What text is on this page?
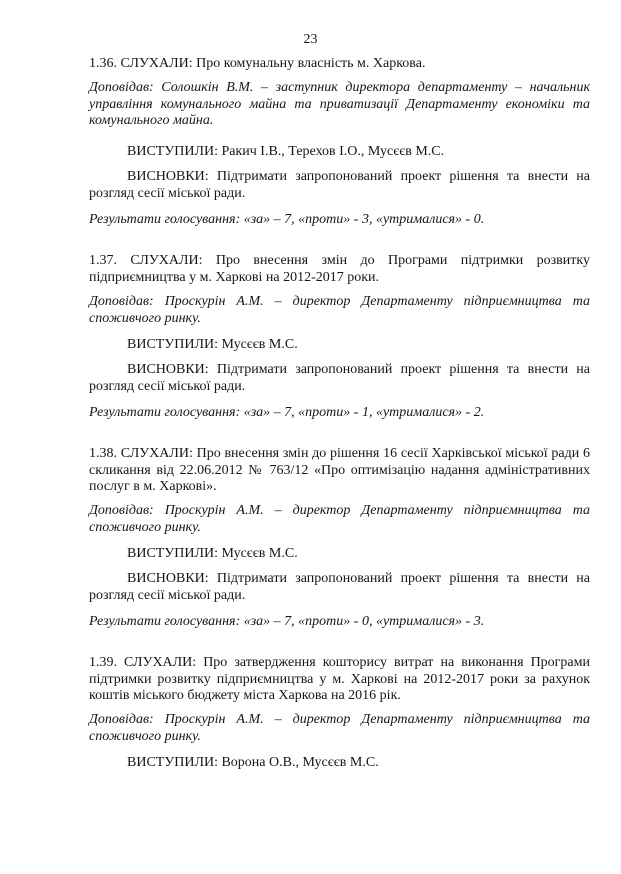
23

1.36. СЛУХАЛИ: Про комунальну власність м. Харкова.

Доповідав: Солошкін В.М. – заступник директора департаменту – начальник управління комунального майна та приватизації Департаменту економіки та комунального майна.

ВИСТУПИЛИ: Ракич І.В., Терехов І.О., Мусєєв М.С.

ВИСНОВКИ: Підтримати запропонований проект рішення та внести на розгляд сесії міської ради.

Результати голосування: «за» – 7, «проти» - 3, «утрималися» - 0.

1.37. СЛУХАЛИ: Про внесення змін до Програми підтримки розвитку підприємництва у м. Харкові на 2012-2017 роки.

Доповідав: Проскурін А.М. – директор Департаменту підприємництва та споживчого ринку.

ВИСТУПИЛИ: Мусєєв М.С.

ВИСНОВКИ: Підтримати запропонований проект рішення та внести на розгляд сесії міської ради.

Результати голосування: «за» – 7, «проти» - 1, «утрималися» - 2.

1.38. СЛУХАЛИ: Про внесення змін до рішення 16 сесії Харківської міської ради 6 скликання від 22.06.2012 № 763/12 «Про оптимізацію надання адміністративних послуг в м. Харкові».

Доповідав: Проскурін А.М. – директор Департаменту підприємництва та споживчого ринку.

ВИСТУПИЛИ: Мусєєв М.С.

ВИСНОВКИ: Підтримати запропонований проект рішення та внести на розгляд сесії міської ради.

Результати голосування: «за» – 7, «проти» - 0, «утрималися» - 3.

1.39. СЛУХАЛИ: Про затвердження кошторису витрат на виконання Програми підтримки розвитку підприємництва у м. Харкові на 2012-2017 роки за рахунок коштів міського бюджету міста Харкова на 2016 рік.

Доповідав: Проскурін А.М. – директор Департаменту підприємництва та споживчого ринку.

ВИСТУПИЛИ: Ворона О.В., Мусєєв М.С.
